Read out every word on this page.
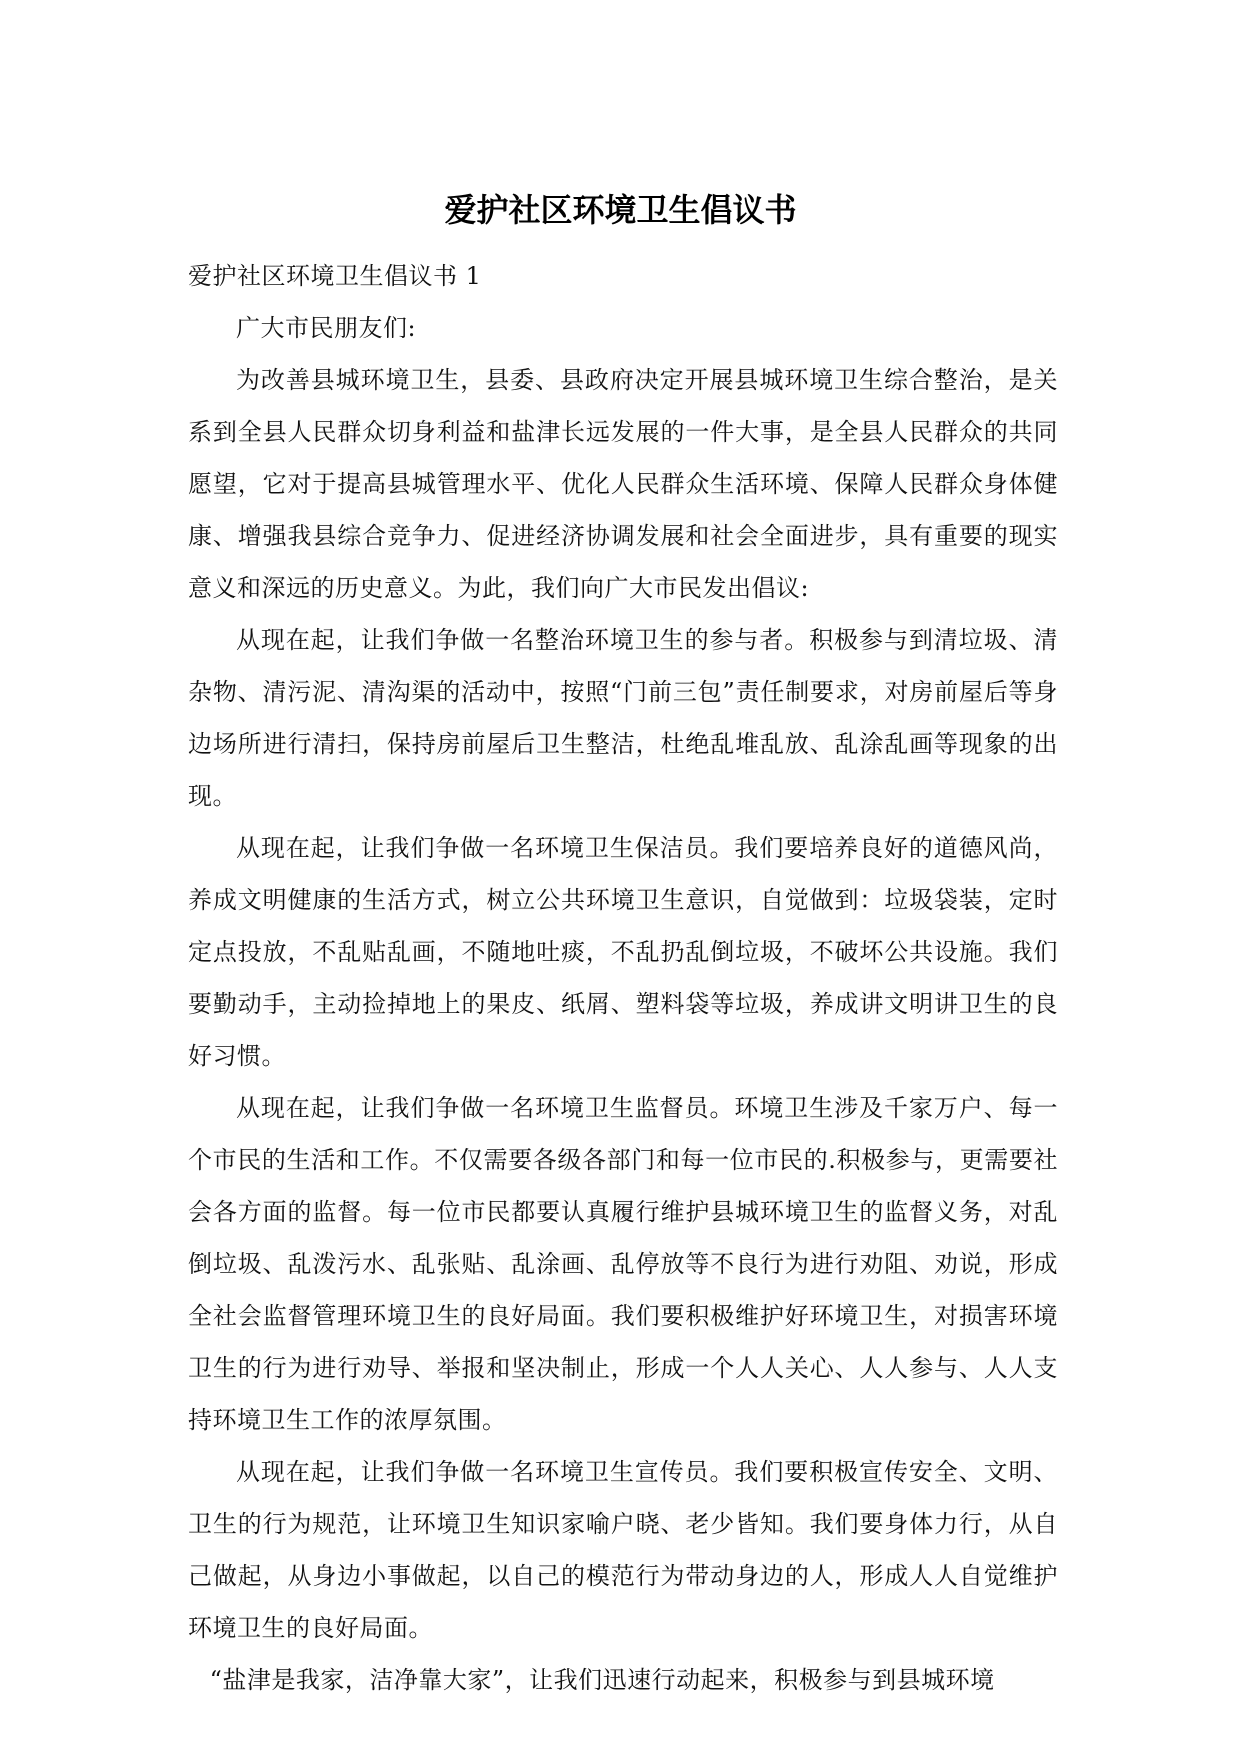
爱护社区环境卫生倡议书

爱护社区环境卫生倡议书 1

广大市民朋友们:

为改善县城环境卫生，县委、县政府决定开展县城环境卫生综合整治，是关系到全县人民群众切身利益和盐津长远发展的一件大事，是全县人民群众的共同愿望，它对于提高县城管理水平、优化人民群众生活环境、保障人民群众身体健康、增强我县综合竞争力、促进经济协调发展和社会全面进步，具有重要的现实意义和深远的历史意义。为此，我们向广大市民发出倡议:

从现在起，让我们争做一名整治环境卫生的参与者。积极参与到清垃圾、清杂物、清污泥、清沟渠的活动中，按照“门前三包”责任制要求，对房前屋后等身边场所进行清扫，保持房前屋后卫生整洁，杜绝乱堆乱放、乱涂乱画等现象的出现。

从现在起，让我们争做一名环境卫生保洁员。我们要培养良好的道德风尚，养成文明健康的生活方式，树立公共环境卫生意识，自觉做到：垃圾袋装，定时定点投放，不乱贴乱画，不随地吐痰，不乱扔乱倒垃圾，不破坏公共设施。我们要勤动手，主动捡掉地上的果皮、纸屑、塑料袋等垃圾，养成讲文明讲卫生的良好习惯。

从现在起，让我们争做一名环境卫生监督员。环境卫生涉及千家万户、每一个市民的生活和工作。不仅需要各级各部门和每一位市民的.积极参与，更需要社会各方面的监督。每一位市民都要认真履行维护县城环境卫生的监督义务，对乱倒垃圾、乱泼污水、乱张贴、乱涂画、乱停放等不良行为进行劝阻、劝说，形成全社会监督管理环境卫生的良好局面。我们要积极维护好环境卫生，对损害环境卫生的行为进行劝导、举报和坚决制止，形成一个人人关心、人人参与、人人支持环境卫生工作的浓厚氛围。

从现在起，让我们争做一名环境卫生宣传员。我们要积极宣传安全、文明、卫生的行为规范，让环境卫生知识家喻户晓、老少皆知。我们要身体力行，从自己做起，从身边小事做起，以自己的模范行为带动身边的人，形成人人自觉维护环境卫生的良好局面。

“盐津是我家，洁净靠大家”，让我们迅速行动起来，积极参与到县城环境
